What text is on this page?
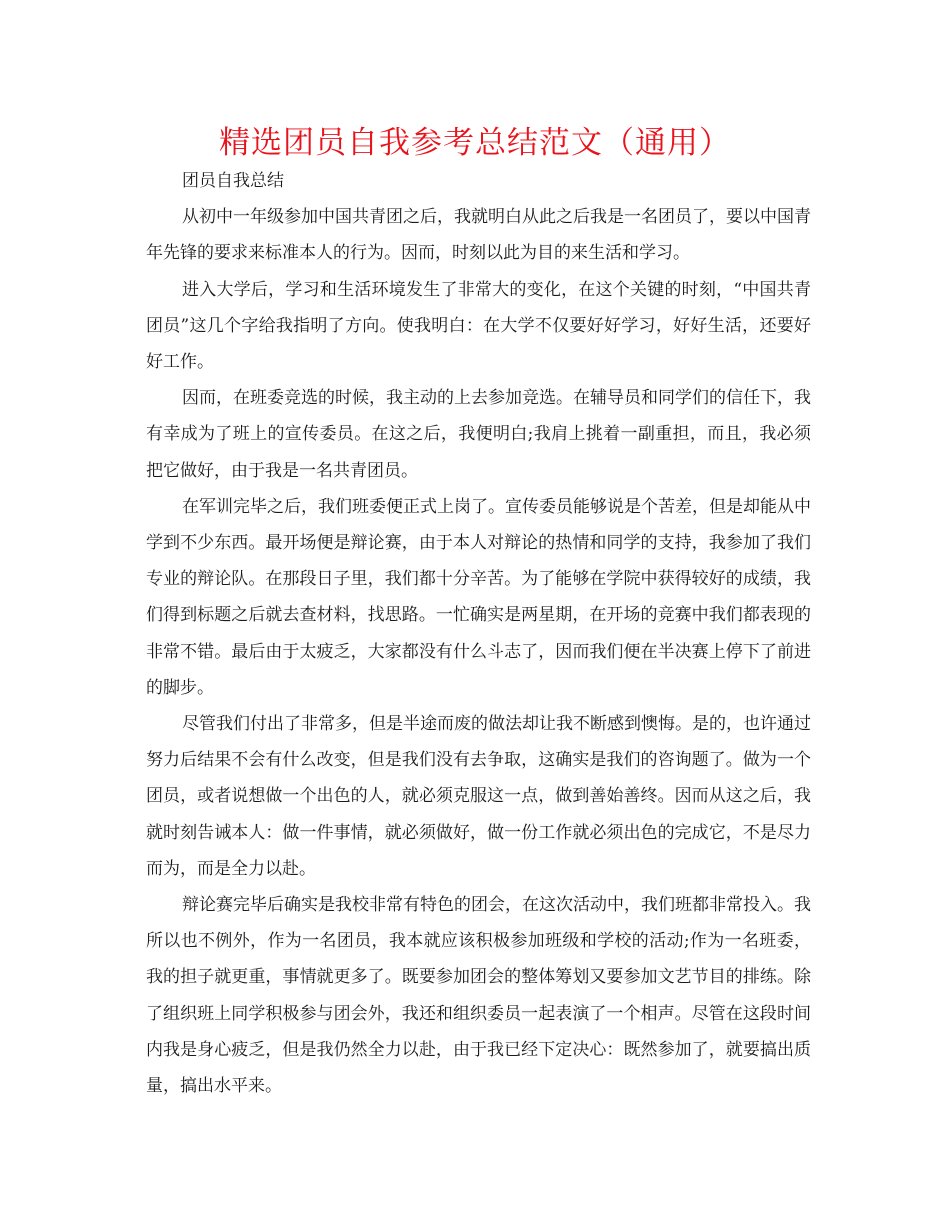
精选团员自我参考总结范文（通用）

团员自我总结

从初中一年级参加中国共青团之后，我就明白从此之后我是一名团员了，要以中国青年先锋的要求来标准本人的行为。因而，时刻以此为目的来生活和学习。

进入大学后，学习和生活环境发生了非常大的变化，在这个关键的时刻，“中国共青团员”这几个字给我指明了方向。使我明白：在大学不仅要好好学习，好好生活，还要好好工作。

因而，在班委竞选的时候，我主动的上去参加竞选。在辅导员和同学们的信任下，我有幸成为了班上的宣传委员。在这之后，我便明白;我肩上挑着一副重担，而且，我必须把它做好，由于我是一名共青团员。

在军训完毕之后，我们班委便正式上岗了。宣传委员能够说是个苦差，但是却能从中学到不少东西。最开场便是辩论赛，由于本人对辩论的热情和同学的支持，我参加了我们专业的辩论队。在那段日子里，我们都十分辛苦。为了能够在学院中获得较好的成绩，我们得到标题之后就去查材料，找思路。一忙确实是两星期，在开场的竞赛中我们都表现的非常不错。最后由于太疲乏，大家都没有什么斗志了，因而我们便在半决赛上停下了前进的脚步。

尽管我们付出了非常多，但是半途而废的做法却让我不断感到懊悔。是的，也许通过努力后结果不会有什么改变，但是我们没有去争取，这确实是我们的咨询题了。做为一个团员，或者说想做一个出色的人，就必须克服这一点，做到善始善终。因而从这之后，我就时刻告诫本人：做一件事情，就必须做好，做一份工作就必须出色的完成它，不是尽力而为，而是全力以赴。

辩论赛完毕后确实是我校非常有特色的团会，在这次活动中，我们班都非常投入。我所以也不例外，作为一名团员，我本就应该积极参加班级和学校的活动;作为一名班委，我的担子就更重，事情就更多了。既要参加团会的整体筹划又要参加文艺节目的排练。除了组织班上同学积极参与团会外，我还和组织委员一起表演了一个相声。尽管在这段时间内我是身心疲乏，但是我仍然全力以赴，由于我已经下定决心：既然参加了，就要搞出质量，搞出水平来。
